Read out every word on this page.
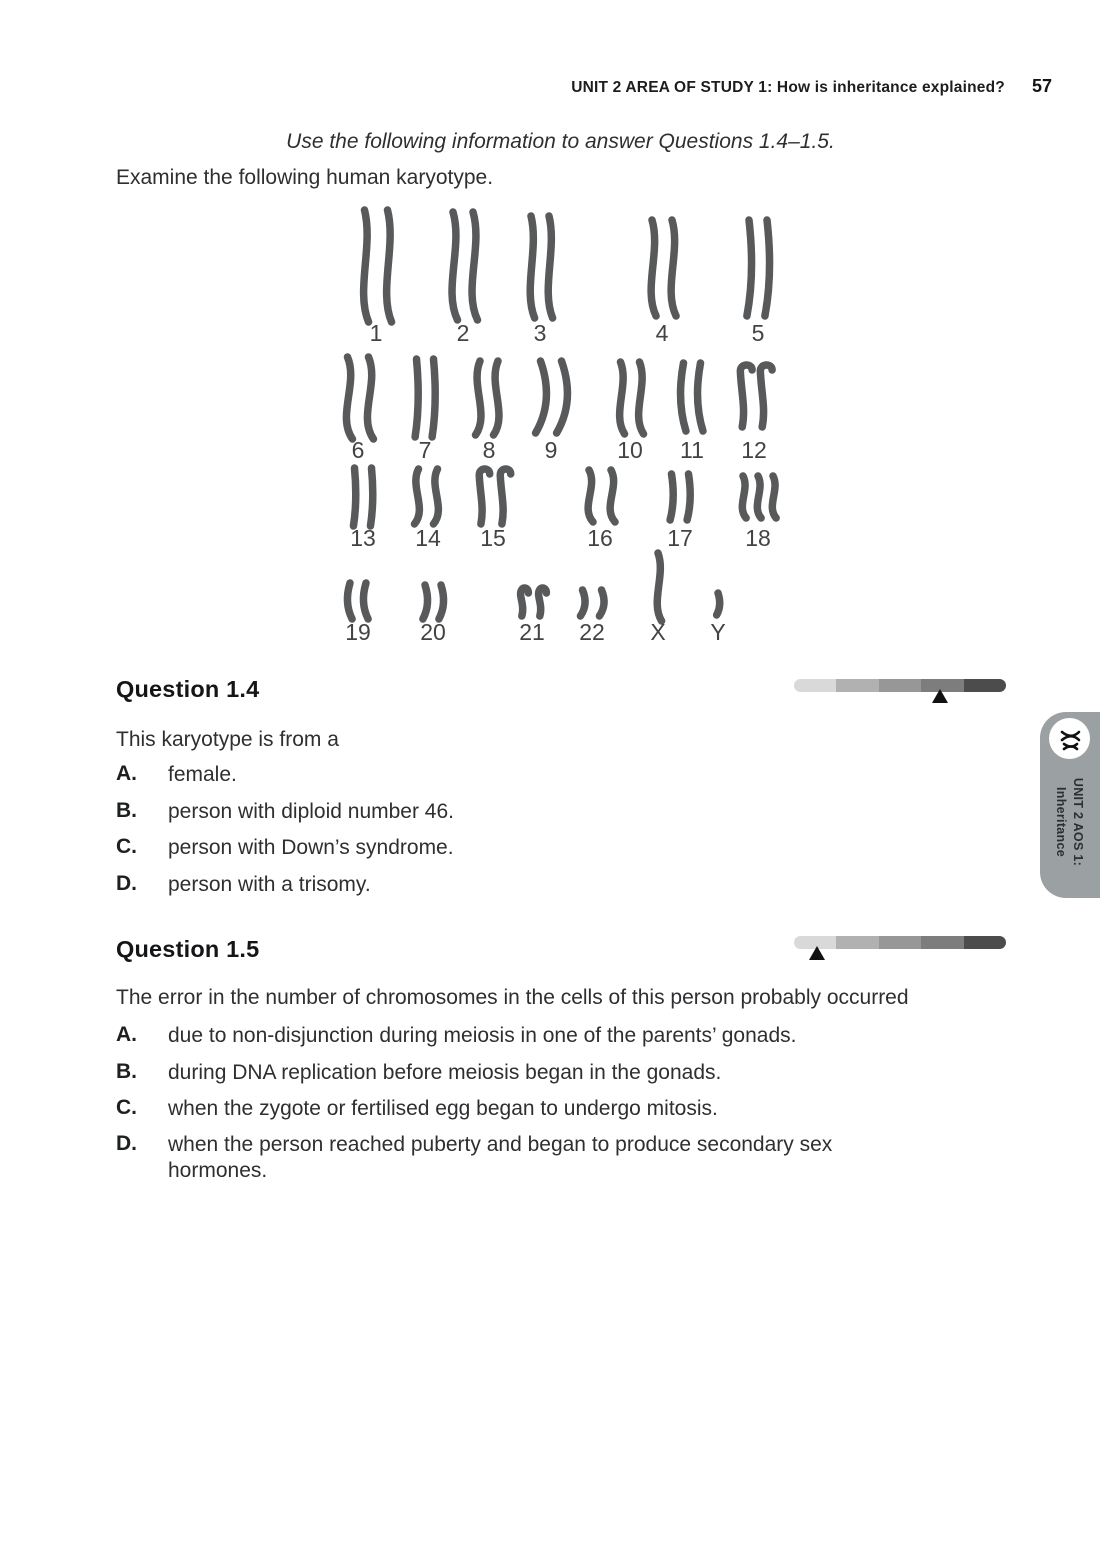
UNIT 2 AREA OF STUDY 1: How is inheritance explained? 57
Use the following information to answer Questions 1.4–1.5.
Examine the following human karyotype.
1	2	3	4	5
6 7 8 9	10 11 12
13 14 15	16 17 18
19 20	21 22 X Y
Question 1.4
This karyotype is from a
A. female.
B. person with diploid number 46.
C. person with Down’s syndrome.
D. person with a trisomy.
Question 1.5
The error in the number of chromosomes in the cells of this person probably occurred
A. due to non-disjunction during meiosis in one of the parents’ gonads.
B. during DNA replication before meiosis began in the gonads.
C. when the zygote or fertilised egg began to undergo mitosis.
D. when the person reached puberty and began to produce secondary sex hormones.
UNIT 2 AOS 1:
Inheritance
